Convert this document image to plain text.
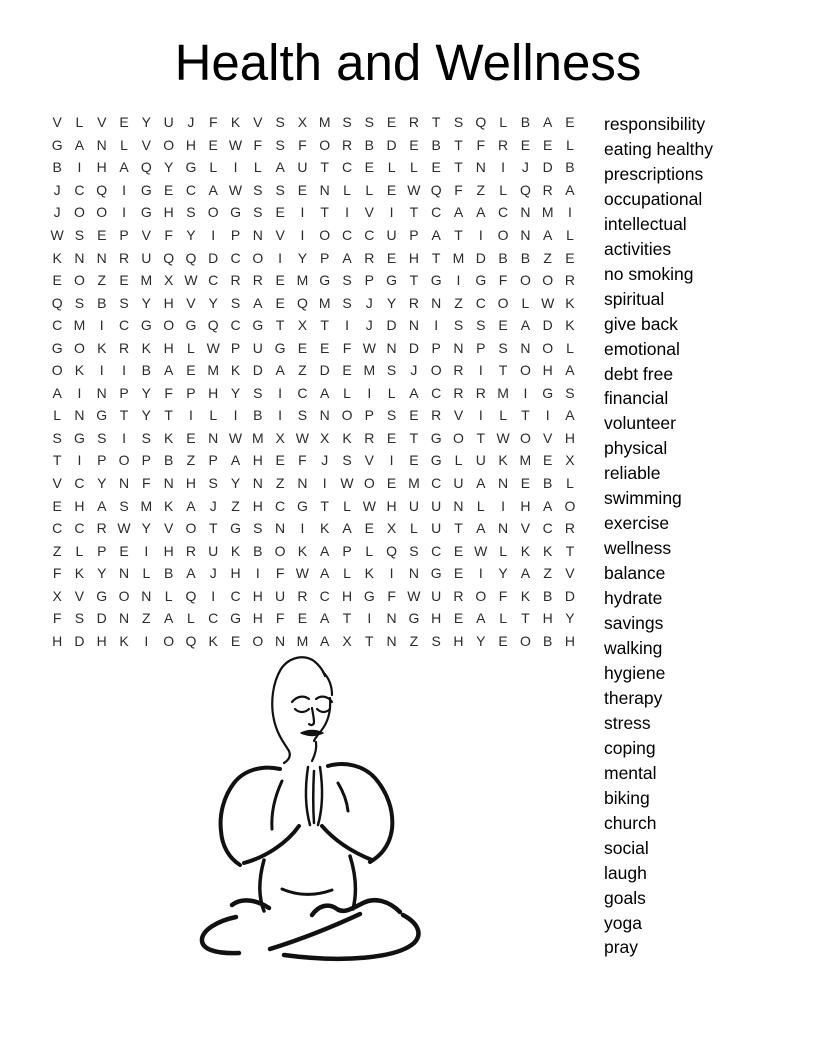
Health and Wellness
V L V E Y U J	F K V S X M S S E R T S Q L B A E
G A N L V O H E W F S F O R B D E B T F R E E L
B	I	H A Q Y G L	I	L A U T C E L	L E T N	I	J D B
J C Q	I	G E C A W S S E N L	L E W Q F Z	L Q R A
J O O	I	G H S O G S E	I	T	I	V	I	T C A A C N M	I
W S E P V F Y	I	P N V	I	O C C U P A T	I	O N A L
K N N R U Q Q D C O	I	Y P A R E H T M D B B Z E
E O Z E M X W C R R E M G S P G T G	I	G F O O R
Q S B S Y H V Y S A E Q M S	J	Y R N Z C O L W K
C M	I	C G O G Q C G T X T	I	J D N	I	S S E A D K
G O K R K H L W P U G E E F W N D P N P S N O L
O K	I	I	B A E M K D A Z D E M S	J O R	I	T O H A
A	I	N P Y F P H Y S	I	C A L	I	L A C R R M	I	G S
L N G T Y T	I	L	I	B	I	S N O P S E R V	I	L	T	I	A
S G S	I	S K E N W M X W X K R E T G O T W O V H
T	I	P O P B Z P A H E F	J	S V	I	E G L U K M E X
V C Y N F N H S Y N Z N	I W O E M C U A N E B L
E H A S M K A	J	Z H C G T	L W H U U N L	I	H A O
C C R W Y V O T G S N	I	K A E X L U T A N V C R
Z	L P E	I	H R U K B O K A P L Q S C E W L K K T
F K Y N L B A	J H	I	F W A L K	I	N G E	I	Y A Z V
X V G O N L Q	I	C H U R C H G F W U R O F K B D
F S D N Z A L C G H F E A T	I	N G H E A L	T H Y
H D H K	I	O Q K E O N M A X T N Z S H Y E O B H
responsibility
eating healthy
prescriptions
occupational
intellectual
activities
no smoking
spiritual
give back
emotional
debt free
financial
volunteer
physical
reliable
swimming
exercise
wellness
balance
hydrate
savings
walking
hygiene
therapy
stress
coping
mental
biking
church
social
laugh
goals
yoga
pray
